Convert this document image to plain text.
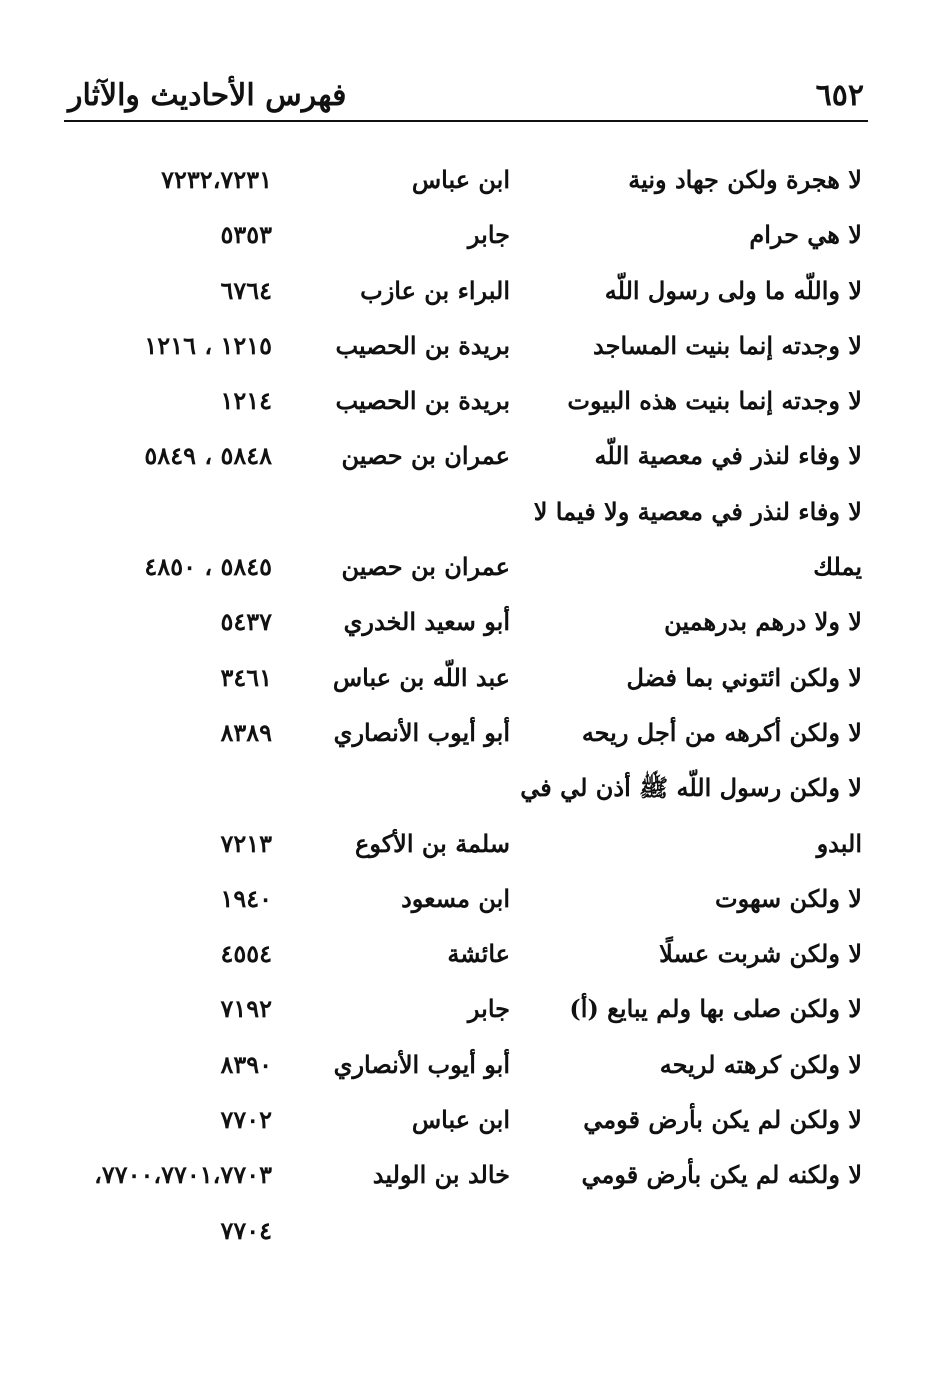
فهرس الأحاديث والآثار	٦٥٢
لا هجرة ولكن جهاد ونية
ابن عباس
٧٢٣٢،٧٢٣١
لا هي حرام
جابر
٥٣٥٣
لا واللّه ما ولى رسول اللّه
البراء بن عازب
٦٧٦٤
لا وجدته إنما بنيت المساجد
بريدة بن الحصيب
١٢١٥ ، ١٢١٦
لا وجدته إنما بنيت هذه البيوت
بريدة بن الحصيب
١٢١٤
لا وفاء لنذر في معصية اللّه
عمران بن حصين
٥٨٤٨ ، ٥٨٤٩
لا وفاء لنذر في معصية ولا فيما لا
يملك
عمران بن حصين
٥٨٤٥ ، ٤٨٥٠
لا ولا درهم بدرهمين
أبو سعيد الخدري
٥٤٣٧
لا ولكن ائتوني بما فضل
عبد اللّه بن عباس
٣٤٦١
لا ولكن أكرهه من أجل ريحه
أبو أيوب الأنصاري
٨٣٨٩
لا ولكن رسول اللّه ﷺ أذن لي في
البدو
سلمة بن الأكوع
٧٢١٣
لا ولكن سهوت
ابن مسعود
١٩٤٠
لا ولكن شربت عسلًا
عائشة
٤٥٥٤
لا ولكن صلى بها ولم يبايع (أ)
جابر
٧١٩٢
لا ولكن كرهته لريحه
أبو أيوب الأنصاري
٨٣٩٠
لا ولكن لم يكن بأرض قومي
ابن عباس
٧٧٠٢
لا ولكنه لم يكن بأرض قومي
خالد بن الوليد
٧٧٠٠،٧٧٠١،٧٧٠٣،
٧٧٠٤
